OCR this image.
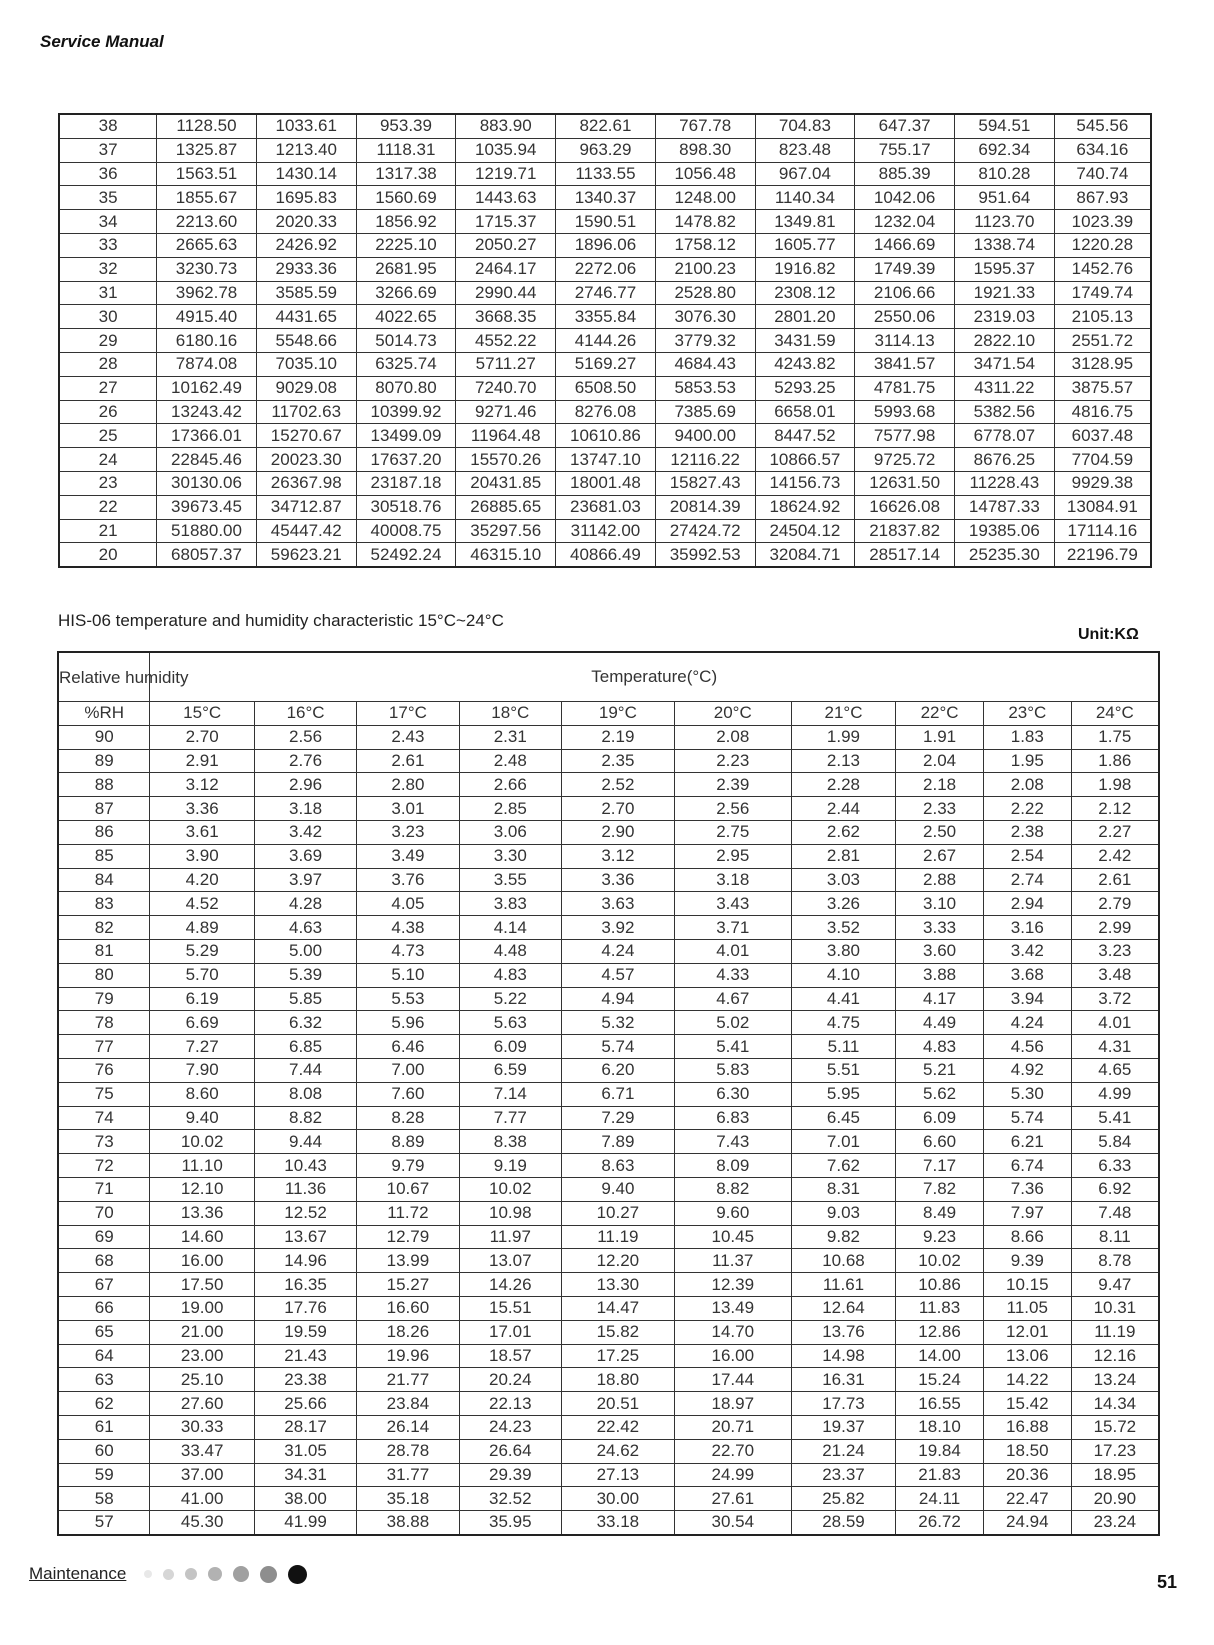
Service Manual
38	1128.50	1033.61	953.39	883.90	822.61	767.78	704.83	647.37	594.51	545.56
37	1325.87	1213.40	1118.31	1035.94	963.29	898.30	823.48	755.17	692.34	634.16
36	1563.51	1430.14	1317.38	1219.71	1133.55	1056.48	967.04	885.39	810.28	740.74
35	1855.67	1695.83	1560.69	1443.63	1340.37	1248.00	1140.34	1042.06	951.64	867.93
34	2213.60	2020.33	1856.92	1715.37	1590.51	1478.82	1349.81	1232.04	1123.70	1023.39
33	2665.63	2426.92	2225.10	2050.27	1896.06	1758.12	1605.77	1466.69	1338.74	1220.28
32	3230.73	2933.36	2681.95	2464.17	2272.06	2100.23	1916.82	1749.39	1595.37	1452.76
31	3962.78	3585.59	3266.69	2990.44	2746.77	2528.80	2308.12	2106.66	1921.33	1749.74
30	4915.40	4431.65	4022.65	3668.35	3355.84	3076.30	2801.20	2550.06	2319.03	2105.13
29	6180.16	5548.66	5014.73	4552.22	4144.26	3779.32	3431.59	3114.13	2822.10	2551.72
28	7874.08	7035.10	6325.74	5711.27	5169.27	4684.43	4243.82	3841.57	3471.54	3128.95
27	10162.49	9029.08	8070.80	7240.70	6508.50	5853.53	5293.25	4781.75	4311.22	3875.57
26	13243.42	11702.63	10399.92	9271.46	8276.08	7385.69	6658.01	5993.68	5382.56	4816.75
25	17366.01	15270.67	13499.09	11964.48	10610.86	9400.00	8447.52	7577.98	6778.07	6037.48
24	22845.46	20023.30	17637.20	15570.26	13747.10	12116.22	10866.57	9725.72	8676.25	7704.59
23	30130.06	26367.98	23187.18	20431.85	18001.48	15827.43	14156.73	12631.50	11228.43	9929.38
22	39673.45	34712.87	30518.76	26885.65	23681.03	20814.39	18624.92	16626.08	14787.33	13084.91
21	51880.00	45447.42	40008.75	35297.56	31142.00	27424.72	24504.12	21837.82	19385.06	17114.16
20	68057.37	59623.21	52492.24	46315.10	40866.49	35992.53	32084.71	28517.14	25235.30	22196.79
HIS-06 temperature and humidity characteristic 15°C~24°C
Unit:KΩ
Relative humidity	Temperature(°C)									
%RH	15°C	16°C	17°C	18°C	19°C	20°C	21°C	22°C	23°C	24°C
90	2.70	2.56	2.43	2.31	2.19	2.08	1.99	1.91	1.83	1.75
89	2.91	2.76	2.61	2.48	2.35	2.23	2.13	2.04	1.95	1.86
88	3.12	2.96	2.80	2.66	2.52	2.39	2.28	2.18	2.08	1.98
87	3.36	3.18	3.01	2.85	2.70	2.56	2.44	2.33	2.22	2.12
86	3.61	3.42	3.23	3.06	2.90	2.75	2.62	2.50	2.38	2.27
85	3.90	3.69	3.49	3.30	3.12	2.95	2.81	2.67	2.54	2.42
84	4.20	3.97	3.76	3.55	3.36	3.18	3.03	2.88	2.74	2.61
83	4.52	4.28	4.05	3.83	3.63	3.43	3.26	3.10	2.94	2.79
82	4.89	4.63	4.38	4.14	3.92	3.71	3.52	3.33	3.16	2.99
81	5.29	5.00	4.73	4.48	4.24	4.01	3.80	3.60	3.42	3.23
80	5.70	5.39	5.10	4.83	4.57	4.33	4.10	3.88	3.68	3.48
79	6.19	5.85	5.53	5.22	4.94	4.67	4.41	4.17	3.94	3.72
78	6.69	6.32	5.96	5.63	5.32	5.02	4.75	4.49	4.24	4.01
77	7.27	6.85	6.46	6.09	5.74	5.41	5.11	4.83	4.56	4.31
76	7.90	7.44	7.00	6.59	6.20	5.83	5.51	5.21	4.92	4.65
75	8.60	8.08	7.60	7.14	6.71	6.30	5.95	5.62	5.30	4.99
74	9.40	8.82	8.28	7.77	7.29	6.83	6.45	6.09	5.74	5.41
73	10.02	9.44	8.89	8.38	7.89	7.43	7.01	6.60	6.21	5.84
72	11.10	10.43	9.79	9.19	8.63	8.09	7.62	7.17	6.74	6.33
71	12.10	11.36	10.67	10.02	9.40	8.82	8.31	7.82	7.36	6.92
70	13.36	12.52	11.72	10.98	10.27	9.60	9.03	8.49	7.97	7.48
69	14.60	13.67	12.79	11.97	11.19	10.45	9.82	9.23	8.66	8.11
68	16.00	14.96	13.99	13.07	12.20	11.37	10.68	10.02	9.39	8.78
67	17.50	16.35	15.27	14.26	13.30	12.39	11.61	10.86	10.15	9.47
66	19.00	17.76	16.60	15.51	14.47	13.49	12.64	11.83	11.05	10.31
65	21.00	19.59	18.26	17.01	15.82	14.70	13.76	12.86	12.01	11.19
64	23.00	21.43	19.96	18.57	17.25	16.00	14.98	14.00	13.06	12.16
63	25.10	23.38	21.77	20.24	18.80	17.44	16.31	15.24	14.22	13.24
62	27.60	25.66	23.84	22.13	20.51	18.97	17.73	16.55	15.42	14.34
61	30.33	28.17	26.14	24.23	22.42	20.71	19.37	18.10	16.88	15.72
60	33.47	31.05	28.78	26.64	24.62	22.70	21.24	19.84	18.50	17.23
59	37.00	34.31	31.77	29.39	27.13	24.99	23.37	21.83	20.36	18.95
58	41.00	38.00	35.18	32.52	30.00	27.61	25.82	24.11	22.47	20.90
57	45.30	41.99	38.88	35.95	33.18	30.54	28.59	26.72	24.94	23.24
Maintenance	51
